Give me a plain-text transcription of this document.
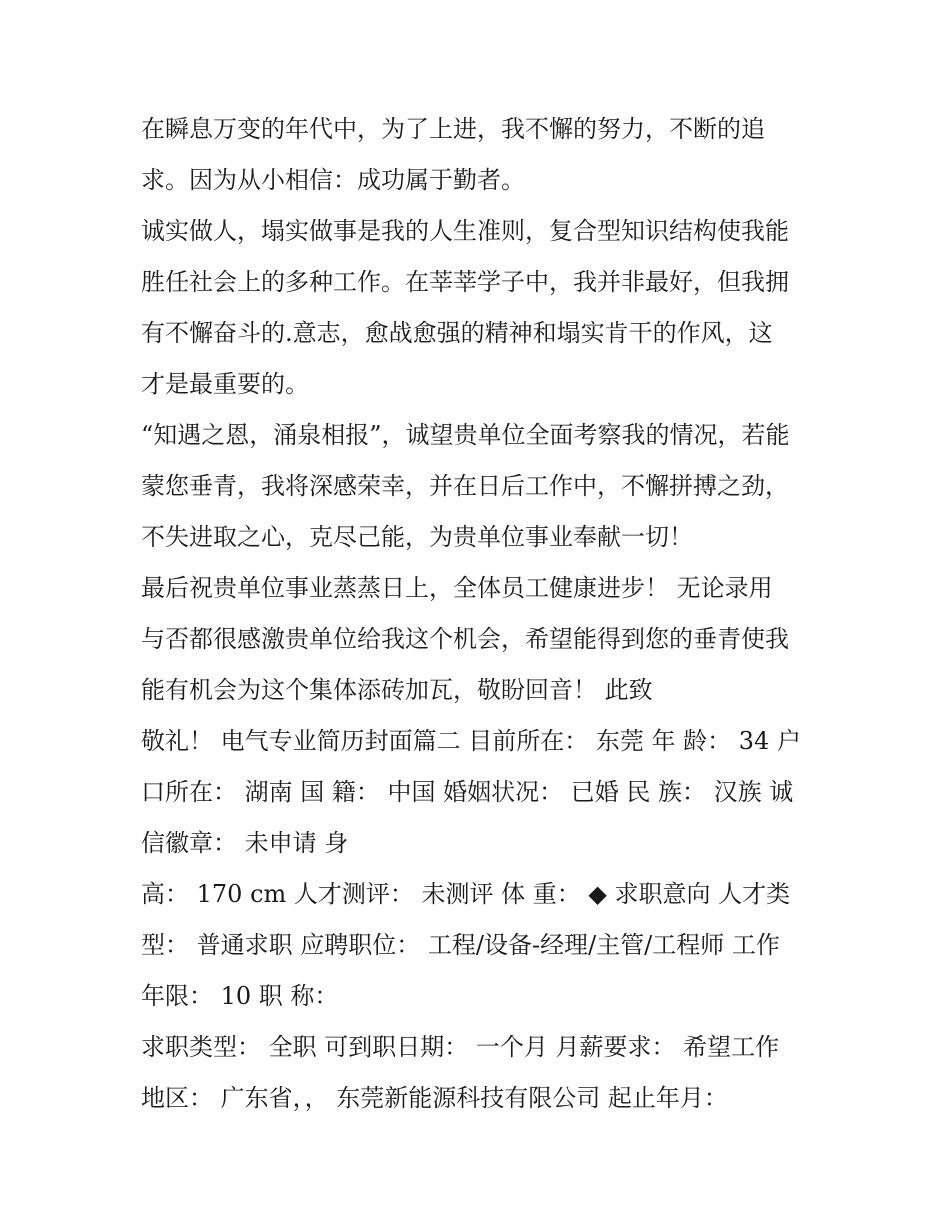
在瞬息万变的年代中，为了上进，我不懈的努力，不断的追
求。因为从小相信：成功属于勤者。
诚实做人，塌实做事是我的人生准则，复合型知识结构使我能
胜任社会上的多种工作。在莘莘学子中，我并非最好，但我拥
有不懈奋斗的.意志，愈战愈强的精神和塌实肯干的作风，这
才是最重要的。
“知遇之恩，涌泉相报”，诚望贵单位全面考察我的情况，若能
蒙您垂青，我将深感荣幸，并在日后工作中，不懈拼搏之劲，
不失进取之心，克尽己能，为贵单位事业奉献一切！
最后祝贵单位事业蒸蒸日上，全体员工健康进步！ 无论录用
与否都很感激贵单位给我这个机会，希望能得到您的垂青使我
能有机会为这个集体添砖加瓦，敬盼回音！ 此致
敬礼！ 电气专业简历封面篇二 目前所在： 东莞 年 龄： 34 户
口所在： 湖南 国 籍： 中国 婚姻状况： 已婚 民 族： 汉族 诚
信徽章： 未申请 身
高： 170 cm 人才测评： 未测评 体 重： ◆ 求职意向 人才类
型： 普通求职 应聘职位： 工程/设备-经理/主管/工程师 工作
年限： 10 职 称：
求职类型： 全职 可到职日期： 一个月 月薪要求： 希望工作
地区： 广东省，， 东莞新能源科技有限公司 起止年月：
